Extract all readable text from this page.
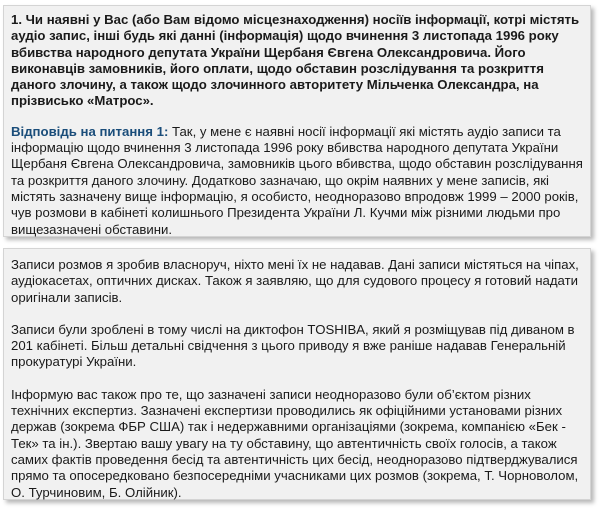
1. Чи наявні у Вас (або Вам відомо місцезнаходження) носіїв інформації, котрі містять аудіо запис, інші будь які данні (інформація) щодо вчинення 3 листопада 1996 року вбивства народного депутата України Щербаня Євгена Олександровича. Його виконавців замовників, його оплати, щодо обставин розслідування та розкриття даного злочину, а також щодо злочинного авторитету Мільченка Олександра, на прізвисько «Матрос».

Відповідь на питання 1: Так, у мене є наявні носії інформації які містять аудіо записи та інформацію щодо вчинення 3 листопада 1996 року вбивства народного депутата України Щербаня Євгена Олександровича, замовників цього вбивства, щодо обставин розслідування та розкриття даного злочину. Додатково зазначаю, що окрім наявних у мене записів, які містять зазначену вище інформацію, я особисто, неодноразово впродовж 1999 – 2000 років, чув розмови в кабінеті колишнього Президента України Л. Кучми між різними людьми про вищезазначені обставини.

Записи розмов я зробив власноруч, ніхто мені їх не надавав. Дані записи містяться на чіпах, аудіокасетах, оптичних дисках. Також я заявляю, що для судового процесу я готовий надати оригінали записів.

Записи були зроблені в тому числі на диктофон TOSHIBA, який я розміщував під диваном в 201 кабінеті. Більш детальні свідчення з цього приводу я вже раніше надавав Генеральній прокуратурі України.

Інформую вас також про те, що зазначені записи неодноразово були об’єктом різних технічних експертиз. Зазначені експертизи проводились як офіційними установами різних держав (зокрема ФБР США) так і недержавними організаціями (зокрема, компанією «Бек - Тек» та ін.). Звертаю вашу увагу на ту обставину, що автентичність своїх голосів, а також самих фактів проведення бесід та автентичність цих бесід, неодноразово підтверджувалися прямо та опосередковано безпосередніми учасниками цих розмов (зокрема, Т. Чорноволом, О. Турчиновим, Б. Олійник).
